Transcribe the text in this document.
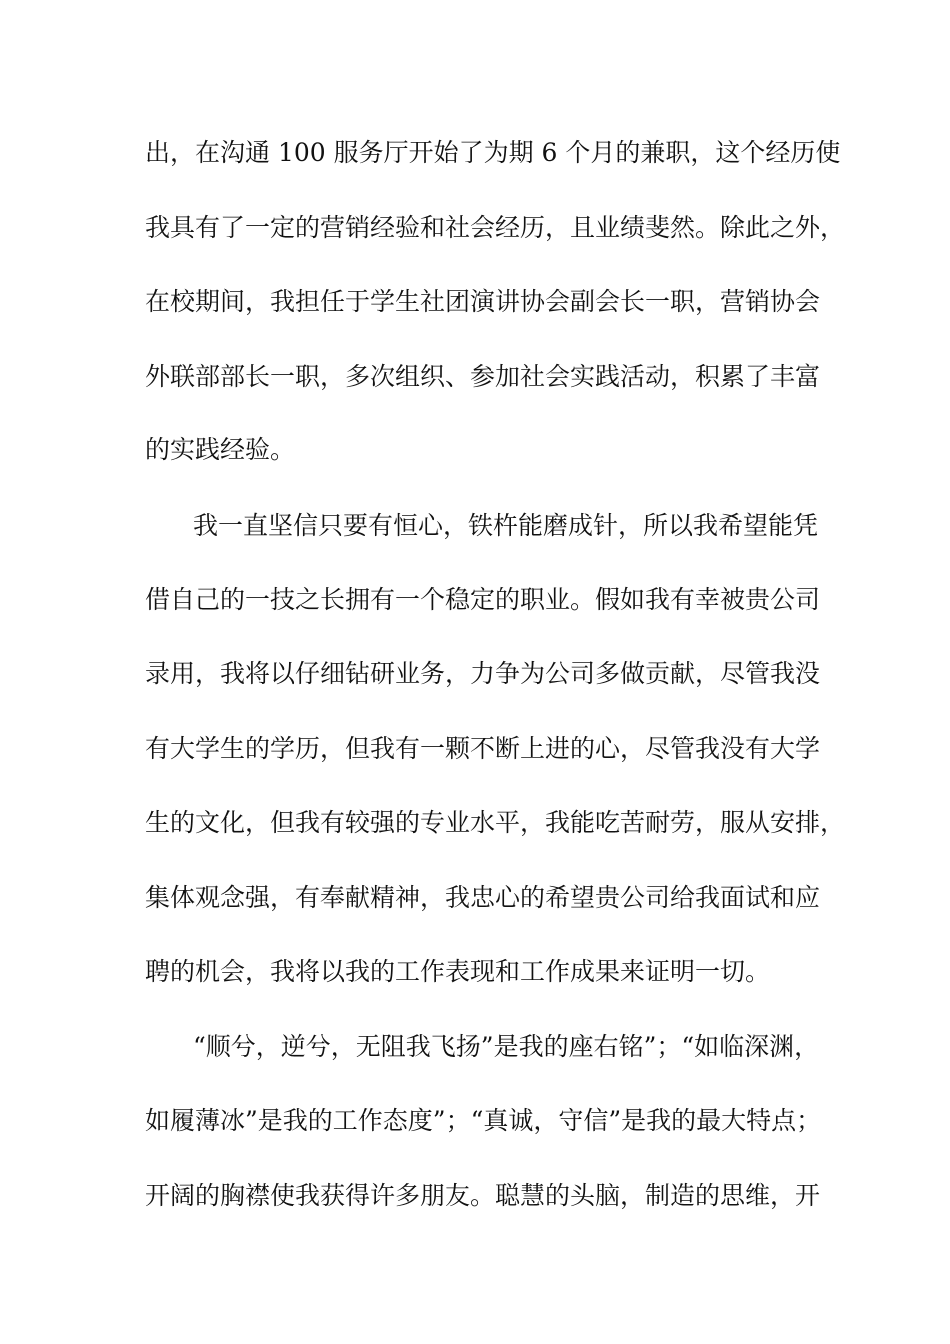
出，在沟通 100 服务厅开始了为期 6 个月的兼职，这个经历使
我具有了一定的营销经验和社会经历，且业绩斐然。除此之外，
在校期间，我担任于学生社团演讲协会副会长一职，营销协会
外联部部长一职，多次组织、参加社会实践活动，积累了丰富
的实践经验。
我一直坚信只要有恒心，铁杵能磨成针，所以我希望能凭
借自己的一技之长拥有一个稳定的职业。假如我有幸被贵公司
录用，我将以仔细钻研业务，力争为公司多做贡献，尽管我没
有大学生的学历，但我有一颗不断上进的心，尽管我没有大学
生的文化，但我有较强的专业水平，我能吃苦耐劳，服从安排，
集体观念强，有奉献精神，我忠心的希望贵公司给我面试和应
聘的机会，我将以我的工作表现和工作成果来证明一切。
“顺兮，逆兮，无阻我飞扬”是我的座右铭”；“如临深渊，
如履薄冰”是我的工作态度”；“真诚，守信”是我的最大特点；
开阔的胸襟使我获得许多朋友。聪慧的头脑，制造的思维，开
